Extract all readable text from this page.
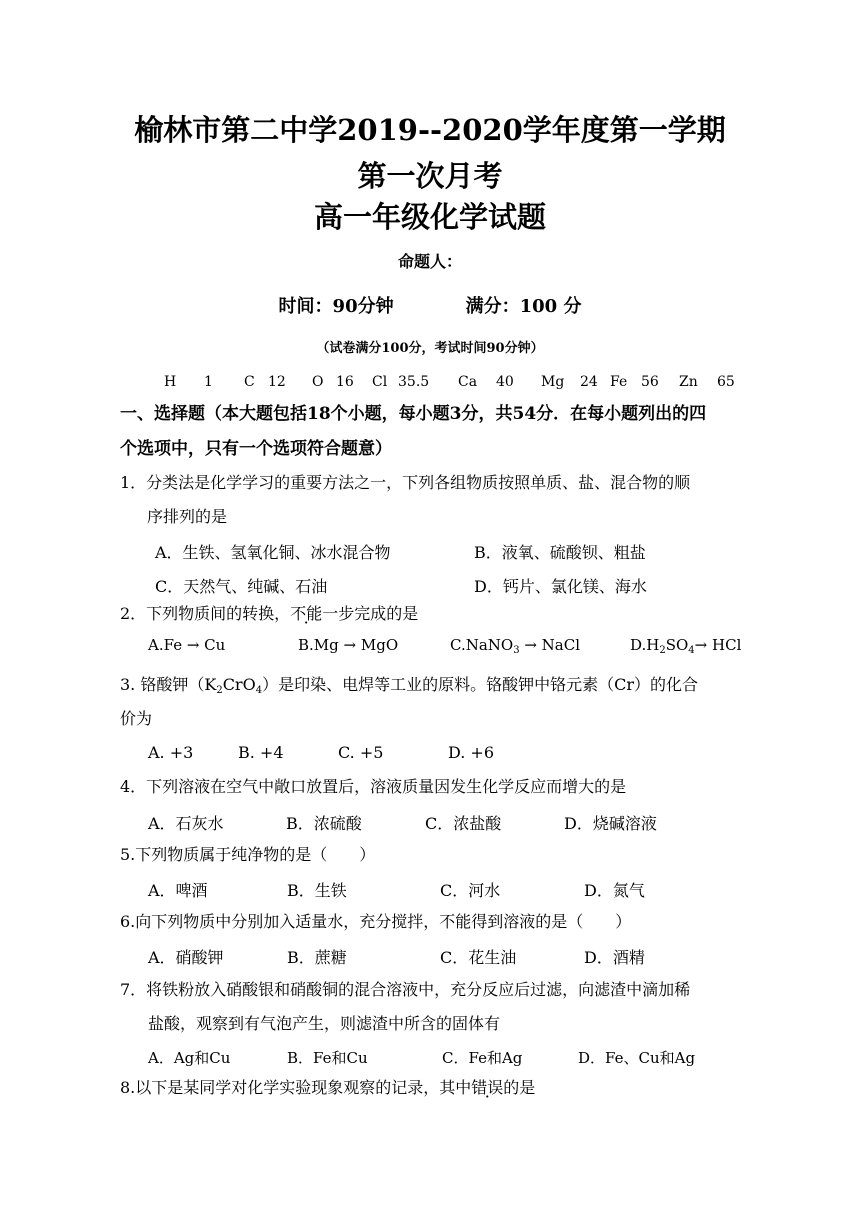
榆林市第二中学2019--2020学年度第一学期
第一次月考
高一年级化学试题
命题人：
时间：90分钟	满分：100 分
（试卷满分100分，考试时间90分钟）
H 1 C 12 O 16 Cl 35.5 Ca 40 Mg 24 Fe 56 Zn 65
一、选择题（本大题包括18个小题，每小题3分，共54分．在每小题列出的四
个选项中，只有一个选项符合题意）
1．分类法是化学学习的重要方法之一，下列各组物质按照单质、盐、混合物的顺
序排列的是
A．生铁、氢氧化铜、冰水混合物	B．液氧、硫酸钡、粗盐
C．天然气、纯碱、石油	D．钙片、氯化镁、海水
2．下列物质间的转换，不能一步完成的是
A.Fe → Cu	B.Mg → MgO	C.NaNO$_3$ → NaCl	$D.H_2SO_4\to$ HCl
3. 铬酸钾$(K_2CrO_4)$是印染、电焊等工业的原料。铬酸钾中铬元素（Cr）的化合
价为
A. +3	B. +4	C. +5	D. +6
4．下列溶液在空气中敞口放置后，溶液质量因发生化学反应而增大的是
A．石灰水	B．浓硫酸	C．浓盐酸	D．烧碱溶液
5.下列物质属于纯净物的是（　　）
A．啤酒	B．生铁	C．河水	D．氮气
6.向下列物质中分别加入适量水，充分搅拌，不能得到溶液的是（　　）
A．硝酸钾	B．蔗糖	C．花生油	D．酒精
7．将铁粉放入硝酸银和硝酸铜的混合溶液中，充分反应后过滤，向滤渣中滴加稀
盐酸，观察到有气泡产生，则滤渣中所含的固体有
A．Ag和Cu	B．Fe和Cu	C．Fe和Ag	D．Fe、Cu和Ag
8.以下是某同学对化学实验现象观察的记录，其中错误的是
